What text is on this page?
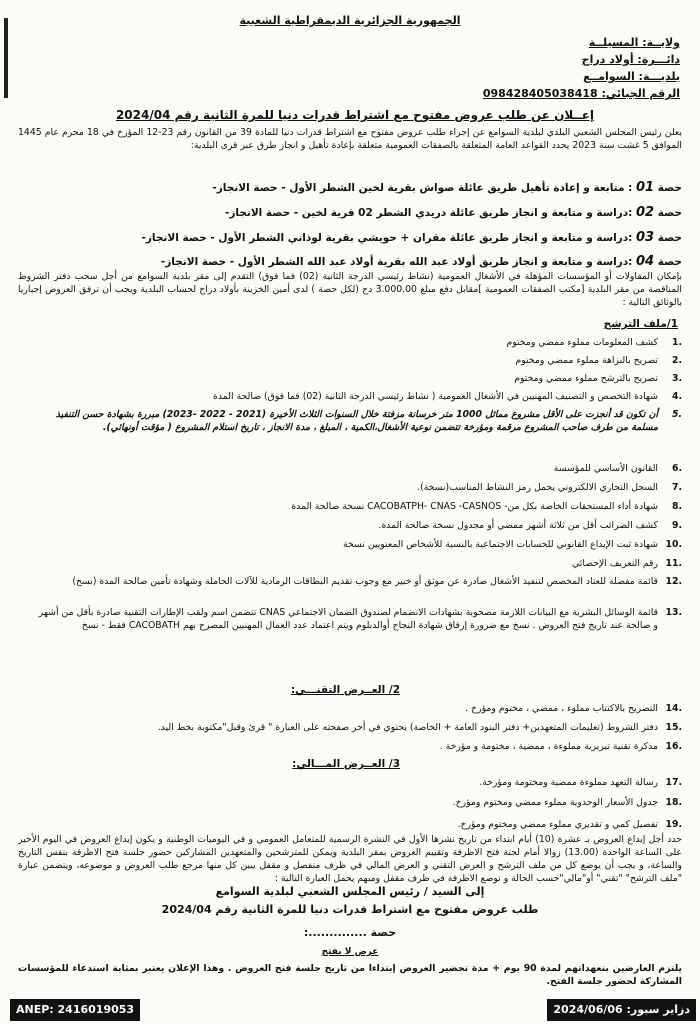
الجمهورية الجزائرية الديمقراطية الشعبية
ولايــة: المسيلــة
دائـــرة: أولاد دراج
بلديـــة: السوامــع
الرقم الجبائي: 098428405038418
إعــلان عن طلب عروض مفتوح مع اشتراط قدرات دنيا للمرة الثانية رقم 2024/04
يعلن رئيس المجلس الشعبي البلدي لبلدية السوامع عن إجراء طلب عروض مفتوح مع اشتراط قدرات دنيا للمادة 39 من القانون رقم 23-12 المؤرخ في 18 محرم عام 1445 الموافق 5 غشت سنة 2023 يحدد القواعد العامة المتعلقة بالصفقات العمومية متعلقة بإعادة تأهيل و انجاز طرق عبر قرى البلدية:
حصة 01 : متابعة و إعادة تأهيل طريق عائلة صواش بقرية لخين الشطر الأول - حصة الانجاز-
حصة 02 :دراسة و متابعة و انجاز طريق عائلة دريدي الشطر 02 قرية لخين - حصة الانجاز-
حصة 03 :دراسة و متابعة و انجاز طريق عائلة مقران + حويشي بقرية لوذاني الشطر الأول - حصة الانجاز-
حصة 04 :دراسة و متابعة و انجاز طريق أولاد عبد الله بقرية أولاد عبد الله الشطر الأول - حصة الانجاز-
بإمكان المقاولات أو المؤسسات المؤهلة في الأشغال العمومية (نشاط رئيسي الدرجة الثانية (02) فما فوق) التقدم إلى مقر بلدية السوامع من أجل سحب دفتر الشروط المناقصة من مقر البلدية [مكتب الصفقات العمومية ]مقابل دفع مبلغ 3.000.00 دج (لكل حصة ) لدى أمين الخزينة بأولاد دراج لحساب البلدية ويجب أن ترفق العروض إجباريا بالوثائق التالية :
1/ملف الترشح
1.
كشف المعلومات مملوء ممضي ومختوم
2.
تصريح بالنزاهة مملوء ممضي ومختوم
3.
تصريح بالترشح مملوء ممضي ومختوم
4.
شهادة التخصص و التصنيف المهنيين في الأشغال العمومية ( نشاط رئيسي الدرجة الثانية (02) فما فوق) صالحة المدة
5.
أن تكون قد أنجزت على الأقل مشروع مماثل 1000 متر خرسانة مزفتة خلال السنوات الثلاث الأخيرة (2021 - 2022 -2023) مبررة بشهادة حسن التنفيذ مسلمة من طرف صاحب المشروع مرقمة ومؤرخة تتضمن نوعية الأشغال،الكمية ، المبلغ ، مدة الانجاز ، تاريخ استلام المشروع ( مؤقت أونهائي).
6.
القانون الأساسي للمؤسسة
7.
السجل التجاري الالكتروني يحمل رمز النشاط المناسب(نسخة).
8.
شهادة أداء المستحقات الخاصة بكل من- CACOBATPH- CNAS -CASNOS نسخة صالحة المدة
9.
كشف الضرائب أقل من ثلاثة أشهر ممضي أو مجدول نسخة صالحة المدة.
10.
شهادة ثبت الإيداع القانوني للحسابات الاجتماعية بالنسبة للأشخاص المعنويين نسخة
11.
رقم التعريف الإحصائي
12.
قائمة مفصلة للعتاد المخصص لتنفيذ الأشغال صادرة عن موثق أو خبير مع وجوب تقديم البطاقات الرمادية للآلات الحاملة وشهادة تأمين صالحة المدة (نسخ)
13.
قائمة الوسائل البشرية مع البيانات اللازمة مصحوبة بشهادات الانضمام لصندوق الضمان الاجتماعي CNAS تتضمن اسم ولقب الإطارات التقنية صادرة بأقل من أشهر و صالحة عند تاريخ فتح العروض . نسخ مع ضرورة إرفاق شهادة النجاح أوالدبلوم ويتم اعتماد عدد العمال المهنيين المصرح بهم CACOBATH فقط - نسخ
2/ العــرض التقنـــي:
14.
التصريح بالاكتتاب مملوء ، ممضي ، مختوم ومؤرخ .
15.
دفتر الشروط (تعليمات المتعهدين+ دفتر البنود العامة + الخاصة) يحتوي في أخر صفحته على العبارة " قرئ وقبل"مكتوبة بخط اليد.
16.
مذكرة تقنية تبريرية مملوءة ، ممضية ، مختومة و مؤرخة .
3/ العــرض المـــالي:
17.
رسالة التعهد مملوءة ممضية ومختومة ومؤرخة.
18.
جدول الأسعار الوحدوية مملوء ممضي ومختوم ومؤرخ.
19.
تفصيل كمي و تقديري مملوء ممضي ومختوم ومؤرخ.
حدد أجل إيداع العروض بـ عشرة (10) أيام ابتداء من تاريخ نشرها الأول في النشرة الرسمية للمتعامل العمومي و في اليوميات الوطنية و يكون إيداع العروض في اليوم الأخير على الساعة الواحدة (13.00) زوالا أمام لجنة فتح الاظرفة وتقييم العروض بمقر البلدية ويمكن للمترشحين والمتعهدين المشاركين حضور جلسة فتح الاظرفة بنفس التاريخ والساعة، و يجب أن يوضع كل من ملف الترشح و العرض التقني و العرض المالي في ظرف منفصل و مقفل يبين كل منها مرجع طلب العروض و موضوعه، ويتضمن عبارة "ملف الترشح" "تقني" أو"مالي"حسب الحالة و توضع الاظرفة في ظرف مقفل ومبهم يحمل العبارة التالية :
إلى السيد / رئيس المجلس الشعبي لبلدية السوامع
طلب عروض مفتوح مع اشتراط قدرات دنيا للمرة الثانية رقم 2024/04
حصة ..............:
عرض لا يفتح
يلتزم العارضين بتعهداتهم لمدة 90 يوم + مدة تحضير العروض إبتداءا من تاريخ جلسة فتح العروض . وهذا الإعلان يعتبر بمثابة استدعاء للمؤسسات المشاركة لحضور جلسة الفتح.
ANEP: 2416019053	دزاير سبور: 2024/06/06
